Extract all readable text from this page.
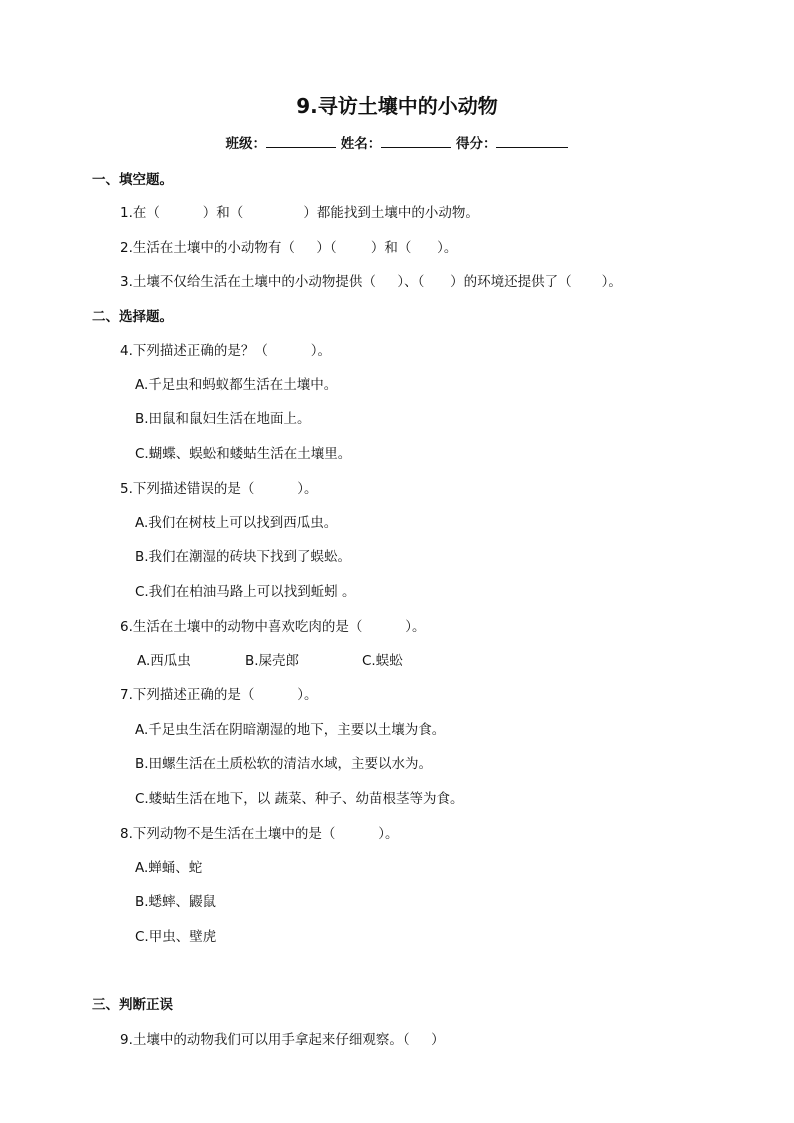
9.寻访土壤中的小动物
班级：	姓名：	得分：
一、填空题。
1.在（          ）和（              ）都能找到土壤中的小动物。
2.生活在土壤中的小动物有（     ）（        ）和（      ）。
3.土壤不仅给生活在土壤中的小动物提供（     ）、（      ）的环境还提供了（       ）。
二、选择题。
4.下列描述正确的是？（          ）。
A.千足虫和蚂蚁都生活在土壤中。
B.田鼠和鼠妇生活在地面上。
C.蝴蝶、蜈蚣和蝼蛄生活在土壤里。
5.下列描述错误的是（          ）。
A.我们在树枝上可以找到西瓜虫。
B.我们在潮湿的砖块下找到了蜈蚣。
C.我们在柏油马路上可以找到蚯蚓 。
6.生活在土壤中的动物中喜欢吃肉的是（          ）。
A.西瓜虫	B.屎壳郎	C.蜈蚣
7.下列描述正确的是（          ）。
A.千足虫生活在阴暗潮湿的地下，主要以土壤为食。
B.田螺生活在土质松软的清洁水域，主要以水为。
C.蝼蛄生活在地下，以 蔬菜、种子、幼苗根茎等为食。
8.下列动物不是生活在土壤中的是（          ）。
A.蝉蛹、蛇
B.蟋蟀、鼹鼠
C.甲虫、壁虎
三、判断正误
9.土壤中的动物我们可以用手拿起来仔细观察。（     ）
